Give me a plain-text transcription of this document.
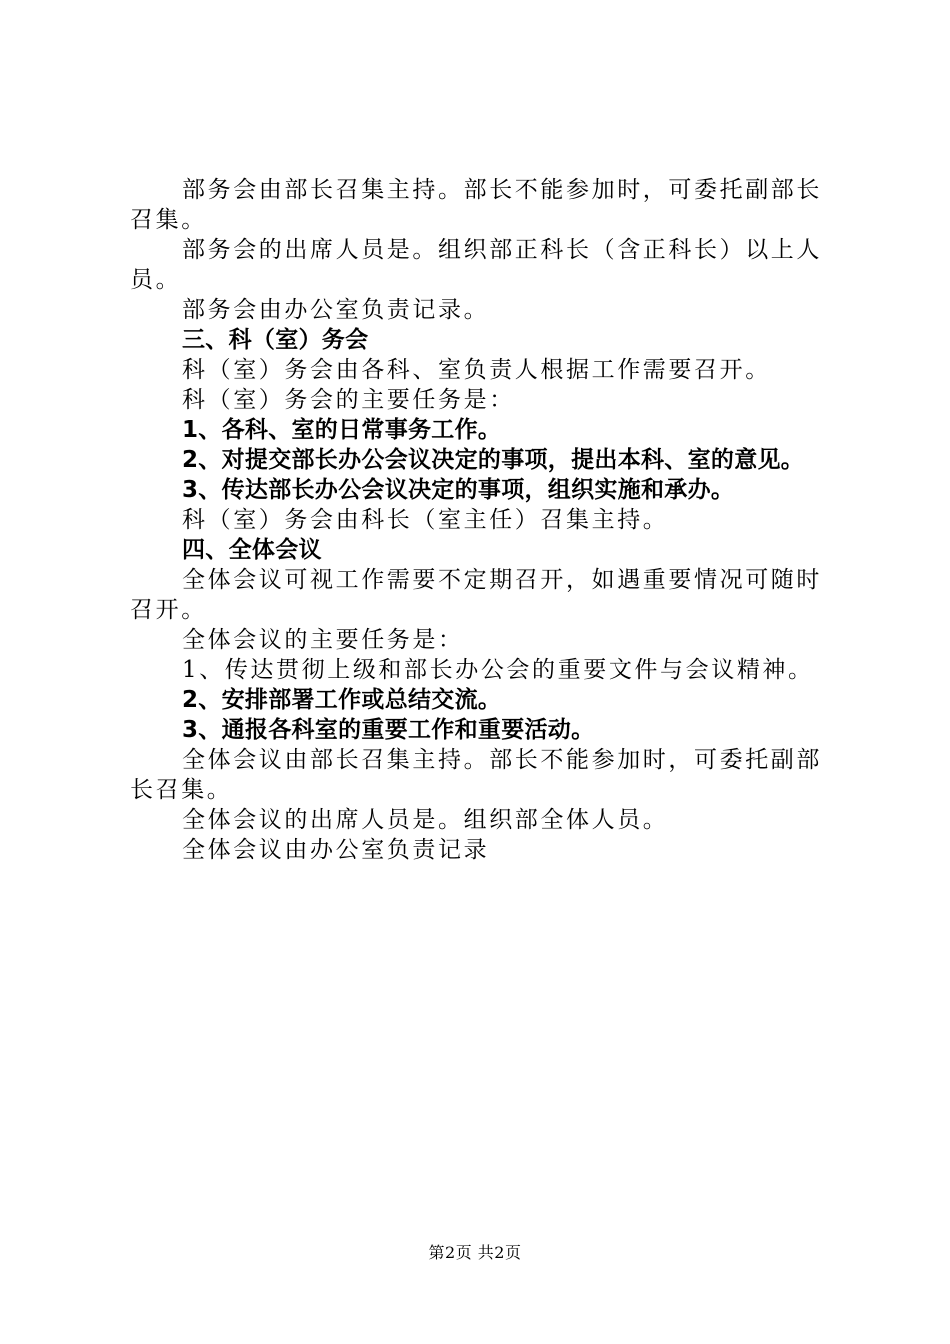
部务会由部长召集主持。部长不能参加时，可委托副部长召集。

部务会的出席人员是。组织部正科长（含正科长）以上人员。

部务会由办公室负责记录。

三、科（室）务会

科（室）务会由各科、室负责人根据工作需要召开。

科（室）务会的主要任务是：

1、各科、室的日常事务工作。

2、对提交部长办公会议决定的事项，提出本科、室的意见。

3、传达部长办公会议决定的事项，组织实施和承办。

科（室）务会由科长（室主任）召集主持。

四、全体会议

全体会议可视工作需要不定期召开，如遇重要情况可随时召开。

全体会议的主要任务是：

1、传达贯彻上级和部长办公会的重要文件与会议精神。

2、安排部署工作或总结交流。

3、通报各科室的重要工作和重要活动。

全体会议由部长召集主持。部长不能参加时，可委托副部长召集。

全体会议的出席人员是。组织部全体人员。

全体会议由办公室负责记录

第2页 共2页
